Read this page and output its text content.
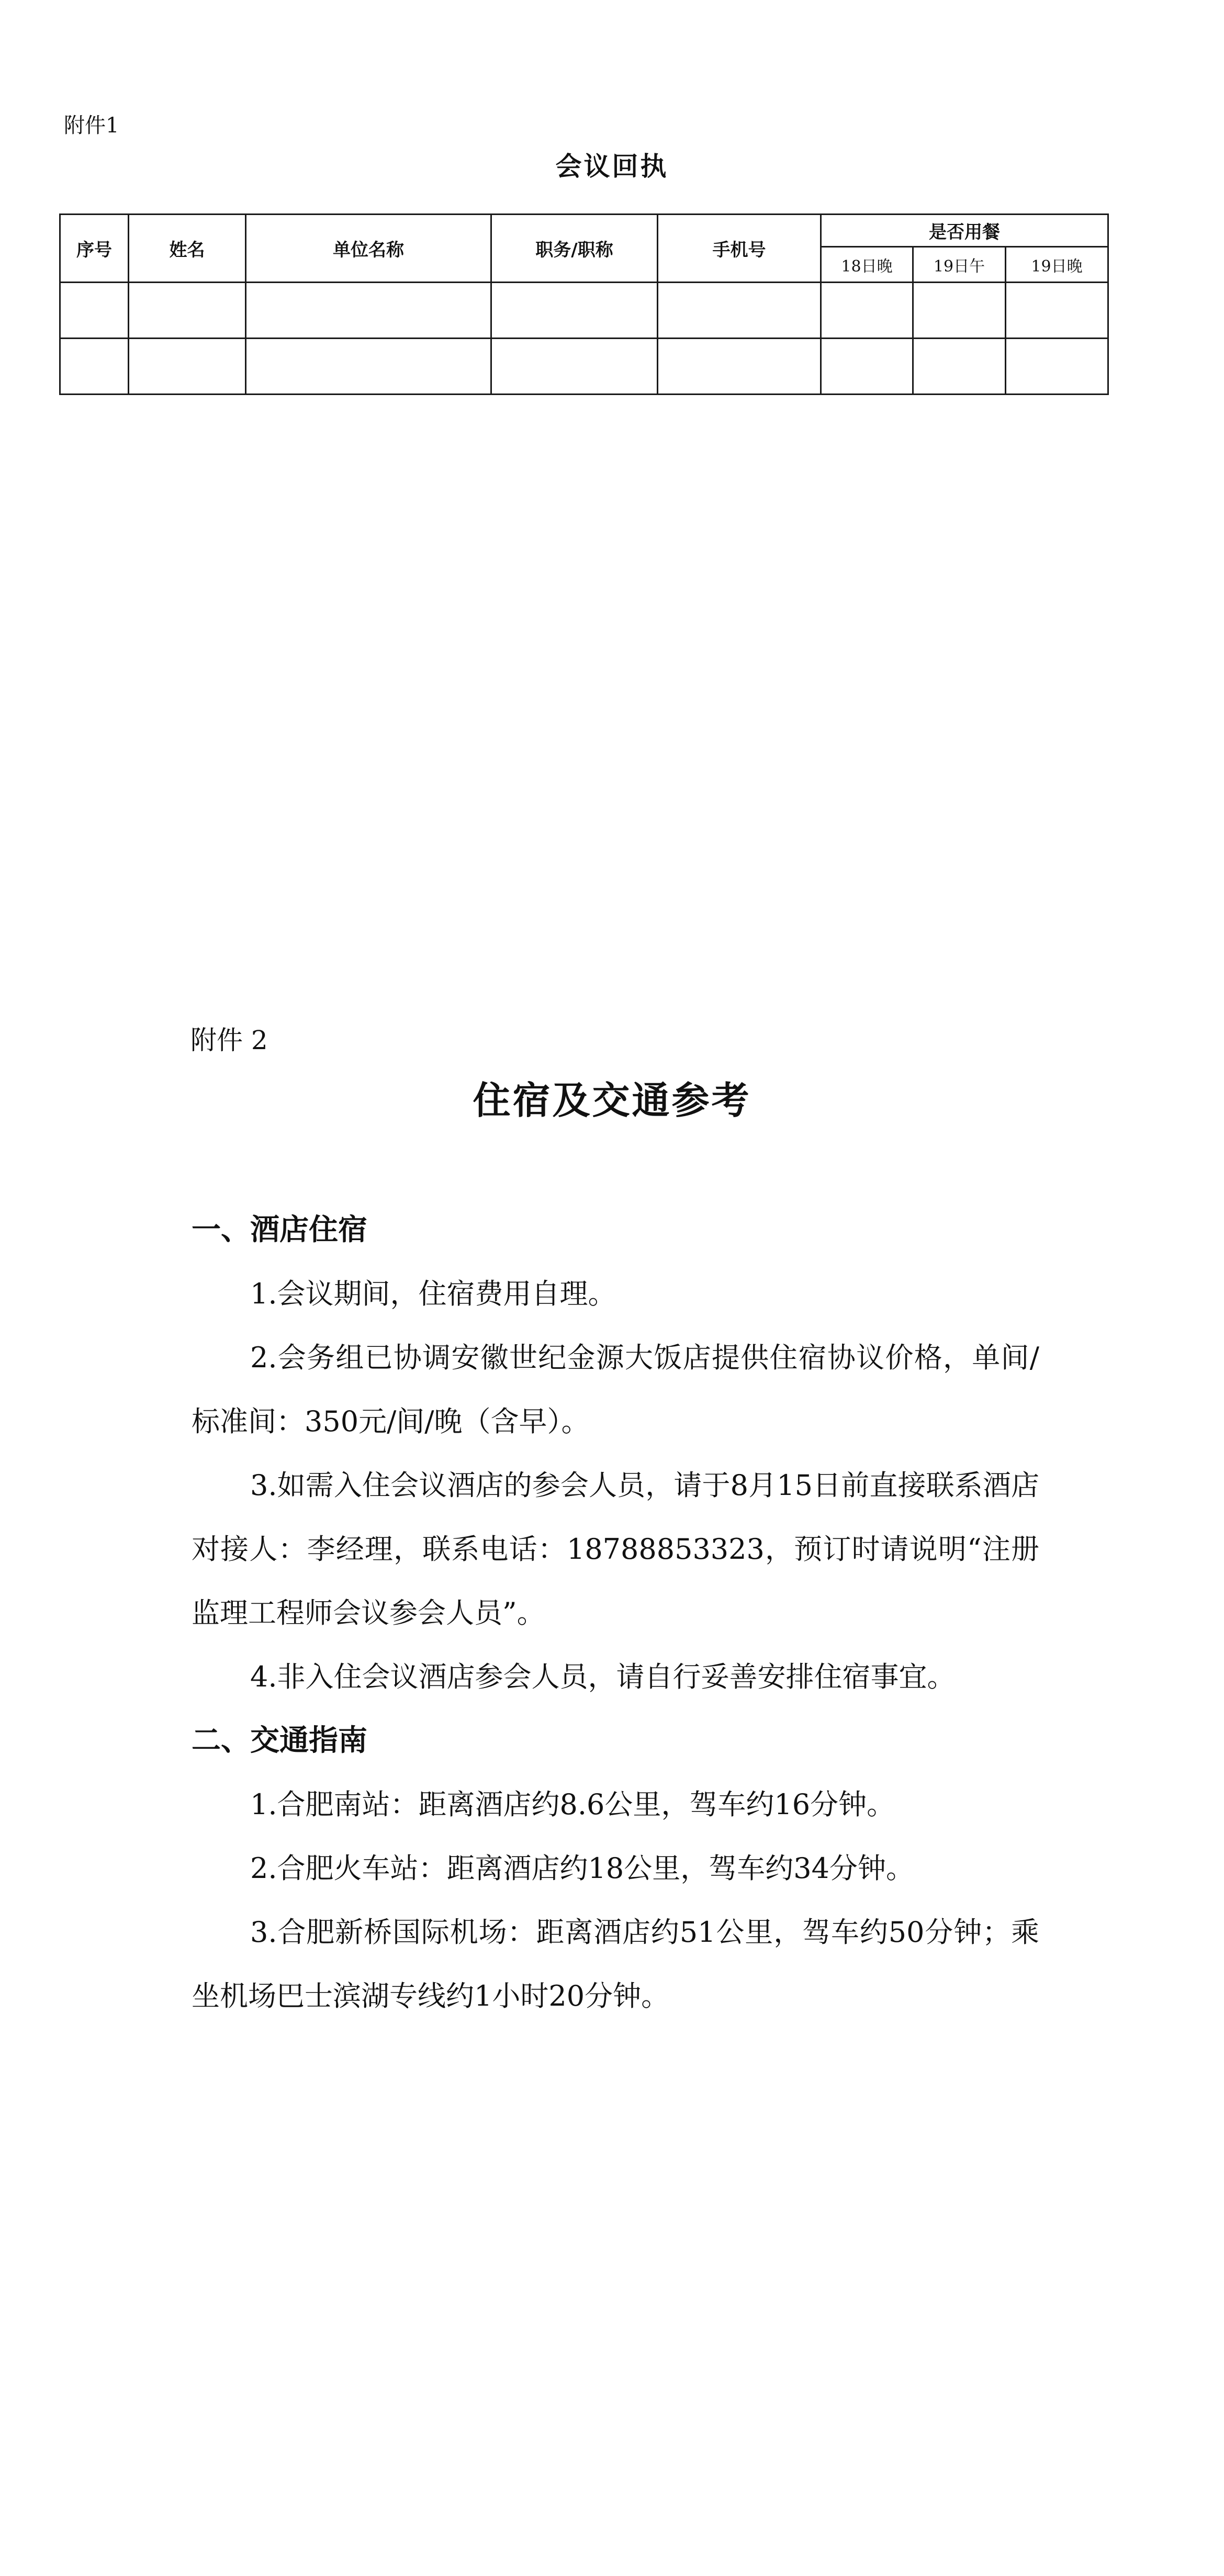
附件1
会议回执
序号	姓名	单位名称	职务/职称	手机号	是否用餐		
					18日晚	19日午	19日晚

附件 2
住宿及交通参考

一、酒店住宿

1.会议期间，住宿费用自理。

2.会务组已协调安徽世纪金源大饭店提供住宿协议价格，单间/标准间：350元/间/晚（含早）。

3.如需入住会议酒店的参会人员，请于8月15日前直接联系酒店对接人：李经理，联系电话：18788853323，预订时请说明“注册监理工程师会议参会人员”。

4.非入住会议酒店参会人员，请自行妥善安排住宿事宜。

二、交通指南

1.合肥南站：距离酒店约8.6公里，驾车约16分钟。

2.合肥火车站：距离酒店约18公里，驾车约34分钟。

3.合肥新桥国际机场：距离酒店约51公里，驾车约50分钟；乘坐机场巴士滨湖专线约1小时20分钟。
